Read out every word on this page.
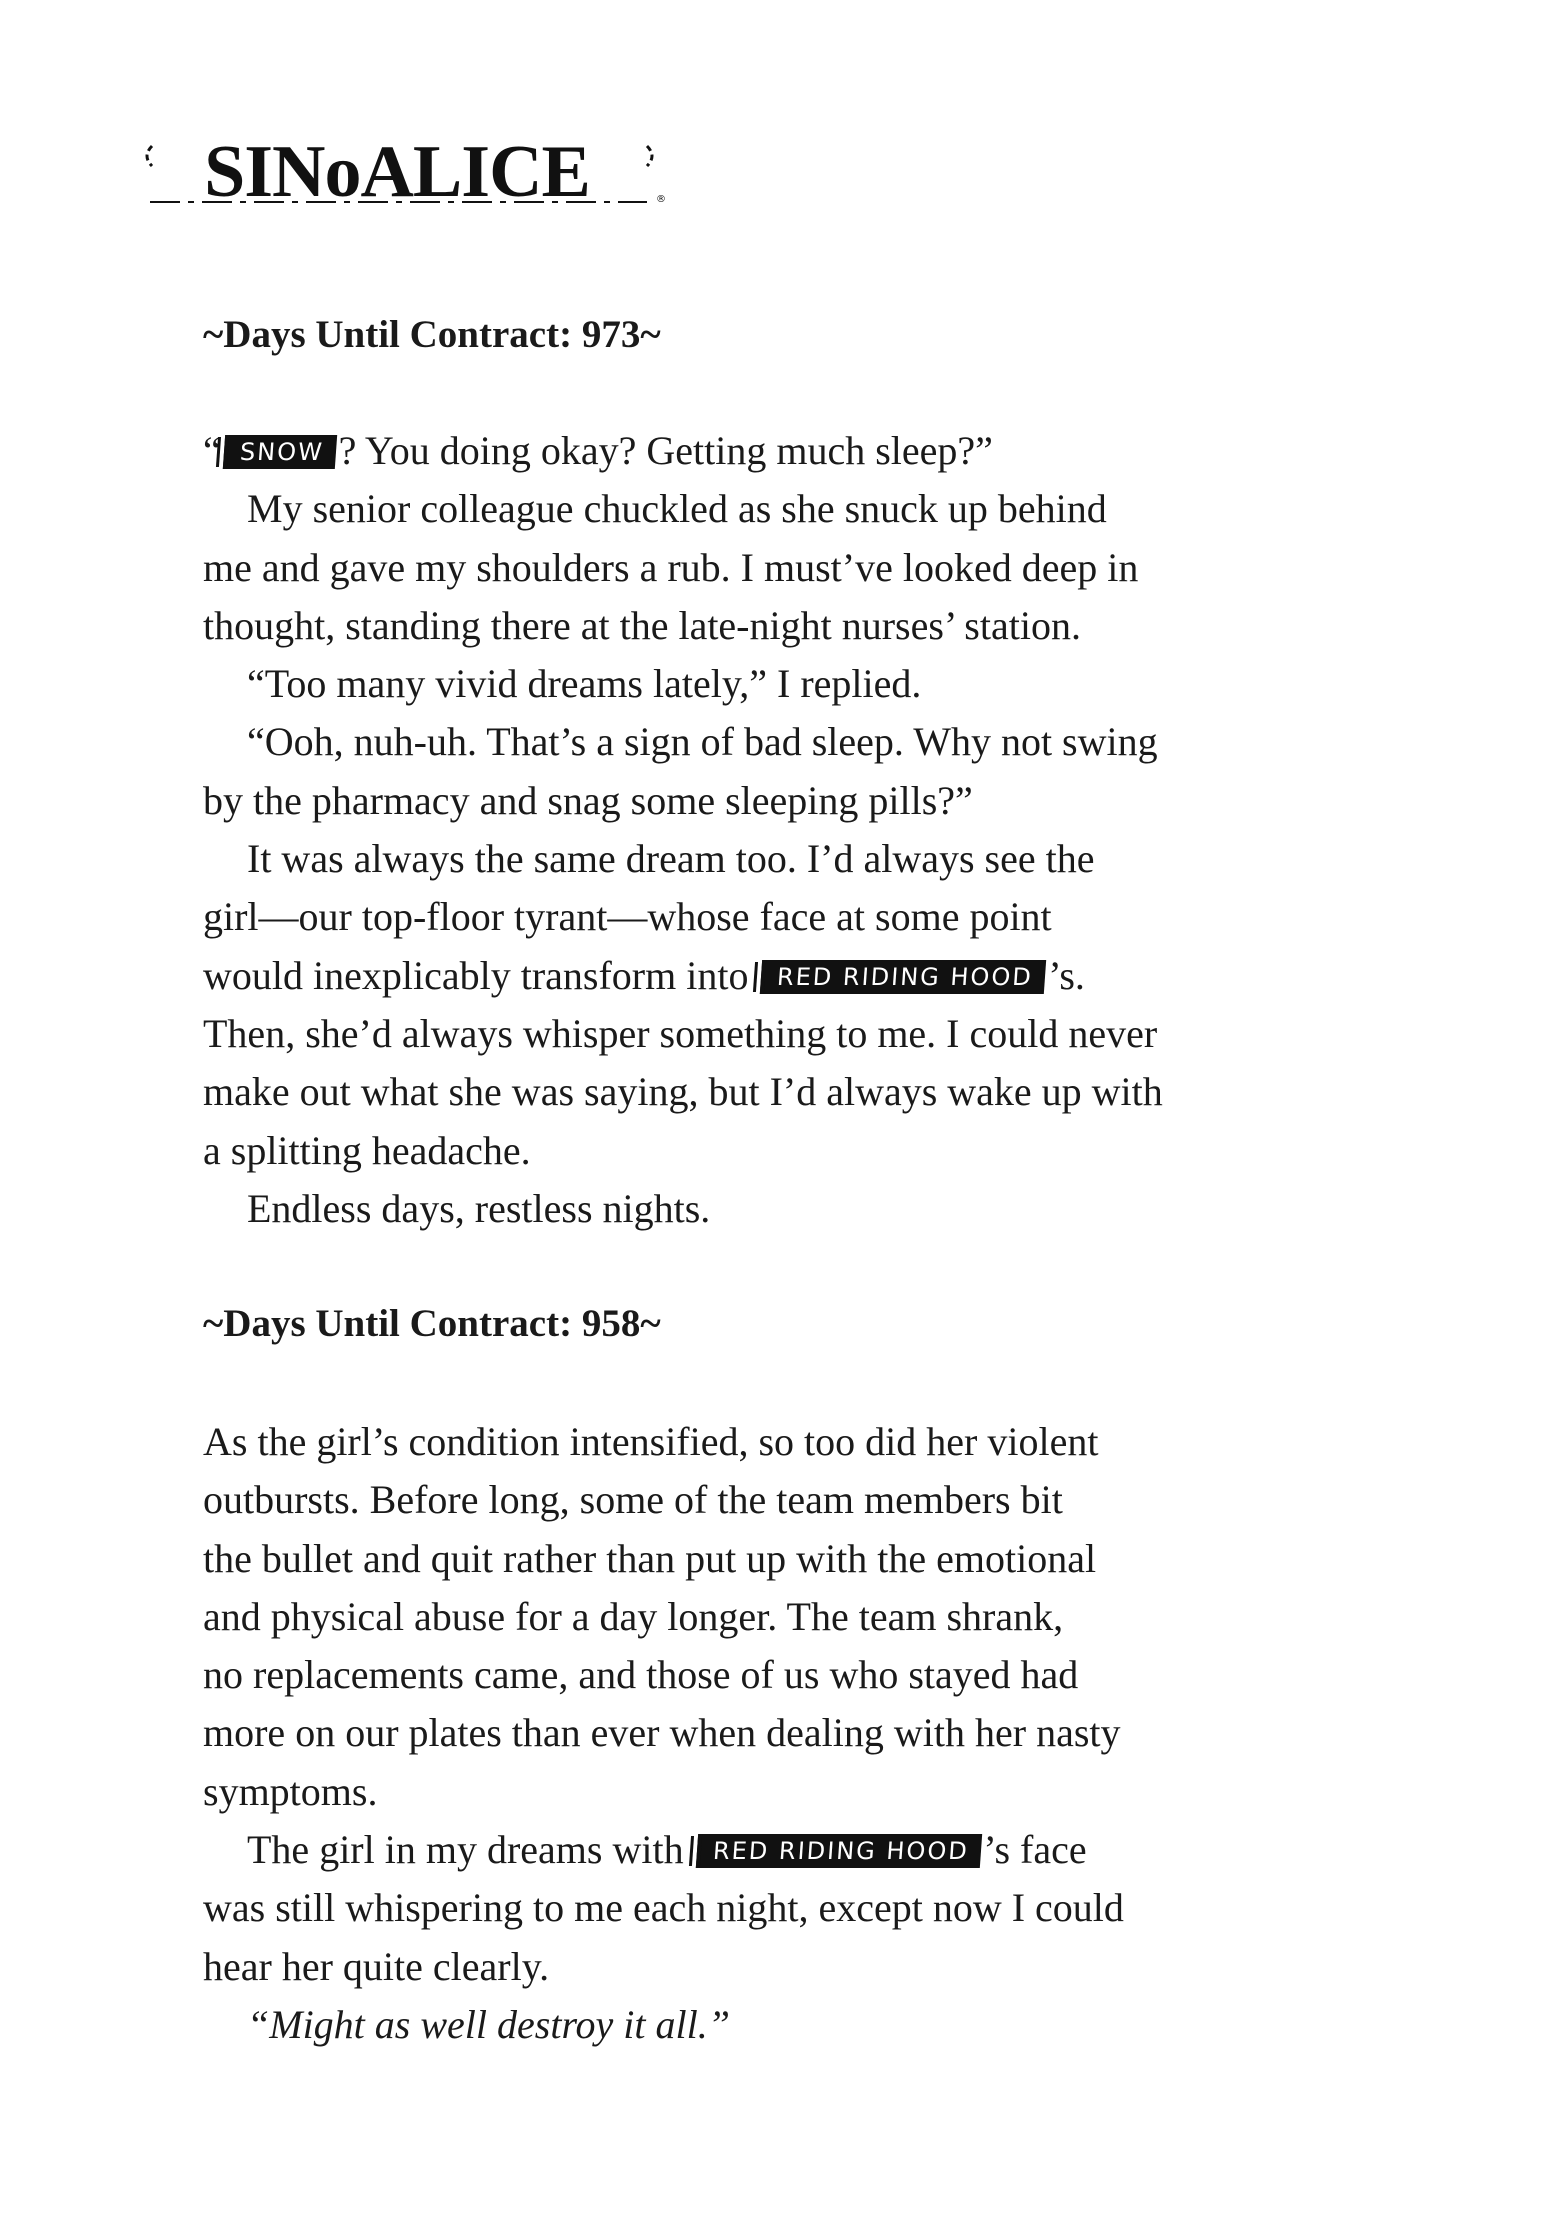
SINoALICE	®
~Days Until Contract: 973~
“ SNOW ? You doing okay? Getting much sleep?”
My senior colleague chuckled as she snuck up behind
me and gave my shoulders a rub. I must’ve looked deep in
thought, standing there at the late-night nurses’ station.
“Too many vivid dreams lately,” I replied.
“Ooh, nuh-uh. That’s a sign of bad sleep. Why not swing
by the pharmacy and snag some sleeping pills?”
It was always the same dream too. I’d always see the
girl—our top-floor tyrant—whose face at some point
would inexplicably transform into RED RIDING HOOD ’s.
Then, she’d always whisper something to me. I could never
make out what she was saying, but I’d always wake up with
a splitting headache.
Endless days, restless nights.
~Days Until Contract: 958~
As the girl’s condition intensified, so too did her violent
outbursts. Before long, some of the team members bit
the bullet and quit rather than put up with the emotional
and physical abuse for a day longer. The team shrank,
no replacements came, and those of us who stayed had
more on our plates than ever when dealing with her nasty
symptoms.
The girl in my dreams with RED RIDING HOOD ’s face
was still whispering to me each night, except now I could
hear her quite clearly.
“Might as well destroy it all.”
